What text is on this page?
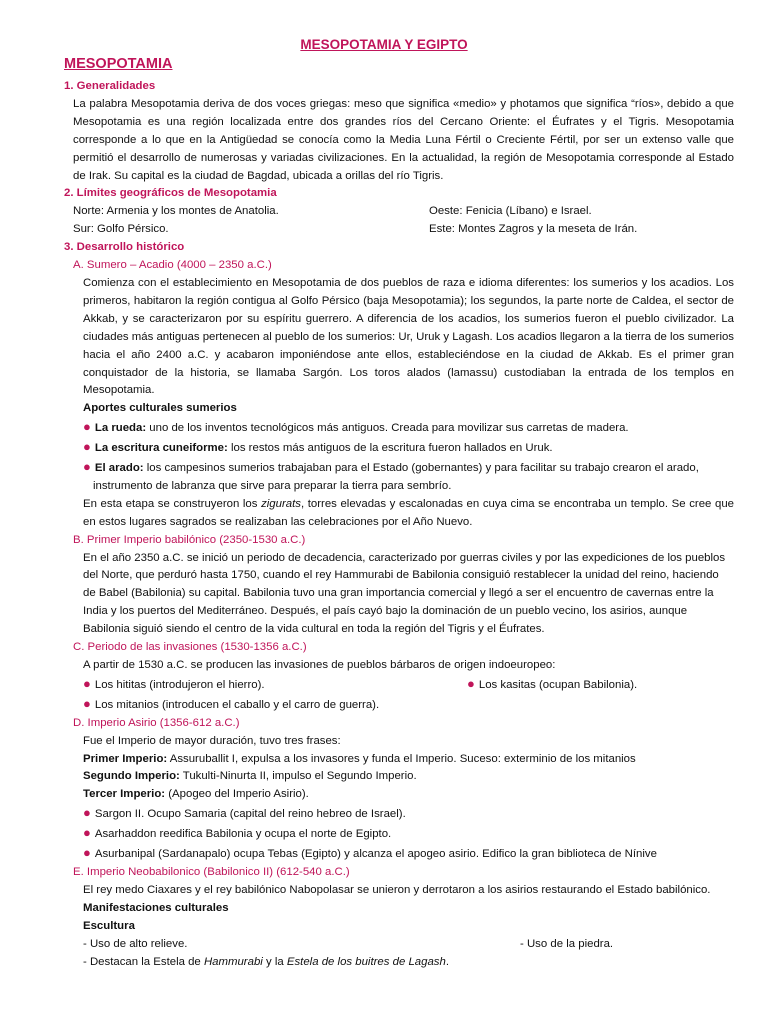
MESOPOTAMIA Y EGIPTO
MESOPOTAMIA
1. Generalidades
La palabra Mesopotamia deriva de dos voces griegas: meso que significa «medio» y photamos que significa “ríos», debido a que Mesopotamia es una región localizada entre dos grandes ríos del Cercano Oriente: el Éufrates y el Tigris. Mesopotamia corresponde a lo que en la Antigüedad se conocía como la Media Luna Fértil o Creciente Fértil, por ser un extenso valle que permitió el desarrollo de numerosas y variadas civilizaciones. En la actualidad, la región de Mesopotamia corresponde al Estado de Irak. Su capital es la ciudad de Bagdad, ubicada a orillas del río Tigris.
2. Límites geográficos de Mesopotamia
Norte: Armenia y los montes de Anatolia.	Oeste: Fenicia (Líbano) e Israel.
Sur: Golfo Pérsico.	Este: Montes Zagros y la meseta de Irán.
3. Desarrollo histórico
A. Sumero – Acadio (4000 – 2350 a.C.)
Comienza con el establecimiento en Mesopotamia de dos pueblos de raza e idioma diferentes: los sumerios y los acadios. Los primeros, habitaron la región contigua al Golfo Pérsico (baja Mesopotamia); los segundos, la parte norte de Caldea, el sector de Akkab, y se caracterizaron por su espíritu guerrero. A diferencia de los acadios, los sumerios fueron el pueblo civilizador. La ciudades más antiguas pertenecen al pueblo de los sumerios: Ur, Uruk y Lagash. Los acadios llegaron a la tierra de los sumerios hacia el año 2400 a.C. y acabaron imponiéndose ante ellos, estableciéndose en la ciudad de Akkab. Es el primer gran conquistador de la historia, se llamaba Sargón. Los toros alados (lamassu) custodiaban la entrada de los templos en Mesopotamia.
Aportes culturales sumerios
● La rueda: uno de los inventos tecnológicos más antiguos. Creada para movilizar sus carretas de madera.
● La escritura cuneiforme: los restos más antiguos de la escritura fueron hallados en Uruk.
● El arado: los campesinos sumerios trabajaban para el Estado (gobernantes) y para facilitar su trabajo crearon el arado,
instrumento de labranza que sirve para preparar la tierra para sembrío.
En esta etapa se construyeron los zigurats, torres elevadas y escalonadas en cuya cima se encontraba un templo. Se cree que en estos lugares sagrados se realizaban las celebraciones por el Año Nuevo.
B. Primer Imperio babilónico (2350-1530 a.C.)
En el año 2350 a.C. se inició un periodo de decadencia, caracterizado por guerras civiles y por las expediciones de los pueblos del Norte, que perduró hasta 1750, cuando el rey Hammurabi de Babilonia consiguió restablecer la unidad del reino, haciendo de Babel (Babilonia) su capital. Babilonia tuvo una gran importancia comercial y llegó a ser el encuentro de cavernas entre la India y los puertos del Mediterráneo. Después, el país cayó bajo la dominación de un pueblo vecino, los asirios, aunque Babilonia siguió siendo el centro de la vida cultural en toda la región del Tigris y el Éufrates.
C. Periodo de las invasiones (1530-1356 a.C.)
A partir de 1530 a.C. se producen las invasiones de pueblos bárbaros de origen indoeuropeo:
● Los hititas (introdujeron el hierro).	● Los kasitas (ocupan Babilonia).
● Los mitanios (introducen el caballo y el carro de guerra).
D. Imperio Asirio (1356-612 a.C.)
Fue el Imperio de mayor duración, tuvo tres frases:
Primer Imperio: Assuruballit I, expulsa a los invasores y funda el Imperio. Suceso: exterminio de los mitanios
Segundo Imperio: Tukulti-Ninurta II, impulso el Segundo Imperio.
Tercer Imperio: (Apogeo del Imperio Asirio).
● Sargon II. Ocupo Samaria (capital del reino hebreo de Israel).
● Asarhaddon reedifica Babilonia y ocupa el norte de Egipto.
● Asurbanipal (Sardanapalo) ocupa Tebas (Egipto) y alcanza el apogeo asirio. Edifico la gran biblioteca de Nínive
E. Imperio Neobabilonico (Babilonico II) (612-540 a.C.)
El rey medo Ciaxares y el rey babilónico Nabopolasar se unieron y derrotaron a los asirios restaurando el Estado babilónico.
Manifestaciones culturales
Escultura
- Uso de alto relieve.	- Uso de la piedra.
- Destacan la Estela de Hammurabi y la Estela de los buitres de Lagash.
